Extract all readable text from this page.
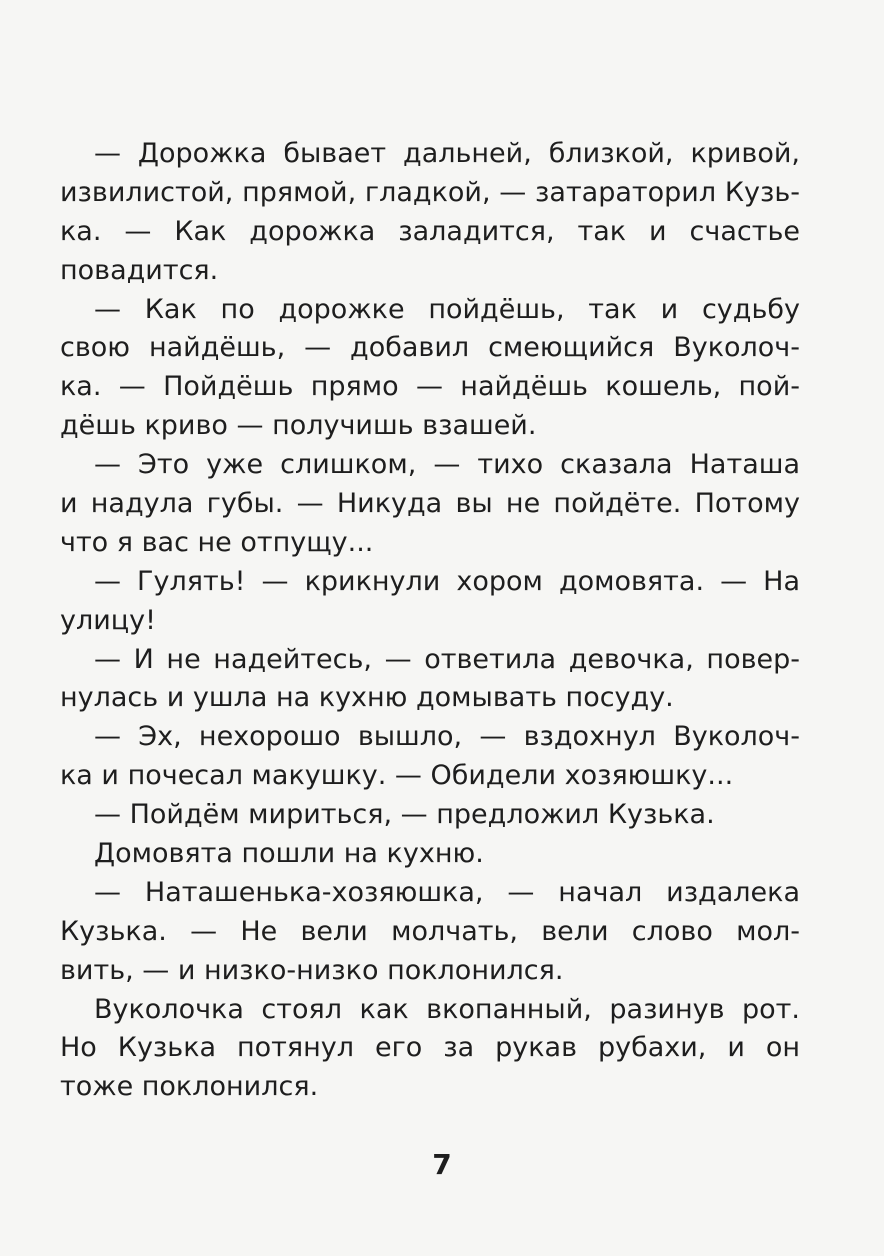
— Дорожка бывает дальней, близкой, кривой,
извилистой, прямой, гладкой, — затараторил Кузь-
ка. — Как дорожка заладится, так и счастье
повадится.
— Как по дорожке пойдёшь, так и судьбу
свою найдёшь, — добавил смеющийся Вуколоч-
ка. — Пойдёшь прямо — найдёшь кошель, пой-
дёшь криво — получишь взашей.
— Это уже слишком, — тихо сказала Наташа
и надула губы. — Никуда вы не пойдёте. Потому
что я вас не отпущу...
— Гулять! — крикнули хором домовята. — На
улицу!
— И не надейтесь, — ответила девочка, повер-
нулась и ушла на кухню домывать посуду.
— Эх, нехорошо вышло, — вздохнул Вуколоч-
ка и почесал макушку. — Обидели хозяюшку...
— Пойдём мириться, — предложил Кузька.
Домовята пошли на кухню.
— Наташенька-хозяюшка, — начал издалека
Кузька. — Не вели молчать, вели слово мол-
вить, — и низко-низко поклонился.
Вуколочка стоял как вкопанный, разинув рот.
Но Кузька потянул его за рукав рубахи, и он
тоже поклонился.
7
